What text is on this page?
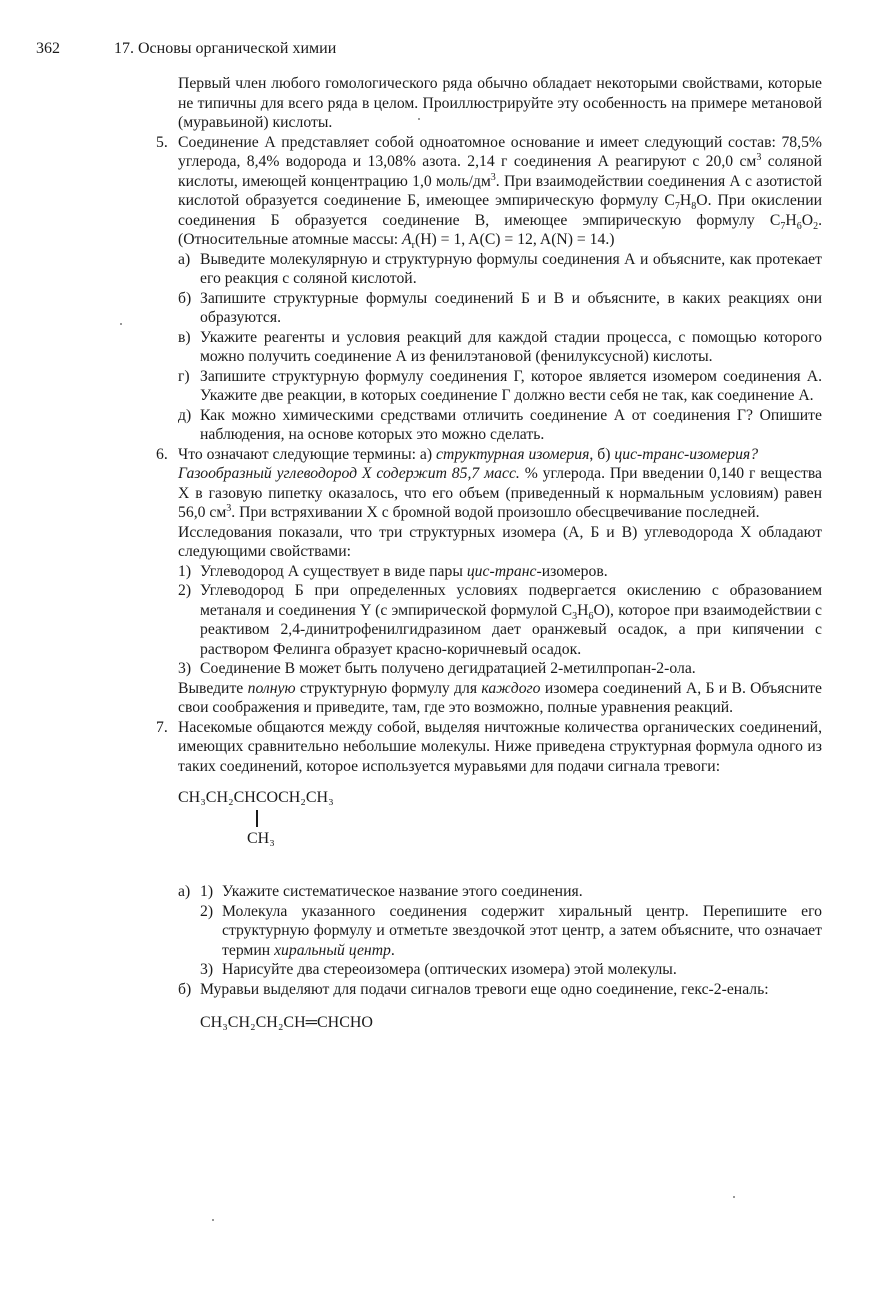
362	17. Основы органической химии

Первый член любого гомологического ряда обычно обладает некоторыми свойствами, которые не типичны для всего ряда в целом. Проиллюстрируйте эту особенность на примере метановой (муравьиной) кислоты.

5. Соединение А представляет собой одноатомное основание и имеет следующий состав: 78,5% углерода, 8,4% водорода и 13,08% азота. 2,14 г соединения А реагируют с 20,0 $см^3$ соляной кислоты, имеющей концентрацию 1,0 моль/$дм^3$. При взаимодействии соединения А с азотистой кислотой образуется соединение Б, имеющее эмпирическую формулу $C_7H_8O$. При окислении соединения Б образуется соединение В, имеющее эмпирическую формулу $C_7H_6O_2$. (Относительные атомные массы: $A_r(H) = 1$, A(C) = 12, A(N) = 14.)

а) Выведите молекулярную и структурную формулы соединения А и объясните, как протекает его реакция с соляной кислотой.

б) Запишите структурные формулы соединений Б и В и объясните, в каких реакциях они образуются.

в) Укажите реагенты и условия реакций для каждой стадии процесса, с помощью которого можно получить соединение А из фенилэтановой (фенилуксусной) кислоты.

г) Запишите структурную формулу соединения Г, которое является изомером соединения А. Укажите две реакции, в которых соединение Г должно вести себя не так, как соединение А.

д) Как можно химическими средствами отличить соединение А от соединения Г? Опишите наблюдения, на основе которых это можно сделать.

6. Что означают следующие термины: а) структурная изомерия, б) цис-транс-изомерия?

Газообразный углеводород X содержит 85,7 масс. % углерода. При введении 0,140 г вещества X в газовую пипетку оказалось, что его объем (приведенный к нормальным условиям) равен 56,0 $см^3$. При встряхивании X с бромной водой произошло обесцвечивание последней.

Исследования показали, что три структурных изомера (А, Б и В) углеводорода X обладают следующими свойствами:

1) Углеводород А существует в виде пары цис-транс-изомеров.

2) Углеводород Б при определенных условиях подвергается окислению с образованием метаналя и соединения Y (с эмпирической формулой $C_3H_6O$), которое при взаимодействии с реактивом 2,4-динитрофенилгидразином дает оранжевый осадок, а при кипячении с раствором Фелинга образует красно-коричневый осадок.

3) Соединение В может быть получено дегидратацией 2-метилпропан-2-ола.

Выведите полную структурную формулу для каждого изомера соединений А, Б и В. Объясните свои соображения и приведите, там, где это возможно, полные уравнения реакций.

7. Насекомые общаются между собой, выделяя ничтожные количества органических соединений, имеющих сравнительно небольшие молекулы. Ниже приведена структурная формула одного из таких соединений, которое используется муравьями для подачи сигнала тревоги:

CH₃CH₂CHCOCH₂CH₃
CH₃
а) 1) Укажите систематическое название этого соединения.

2) Молекула указанного соединения содержит хиральный центр. Перепишите его структурную формулу и отметьте звездочкой этот центр, а затем объясните, что означает термин хиральный центр.

3) Нарисуйте два стереоизомера (оптических изомера) этой молекулы.

б) Муравьи выделяют для подачи сигналов тревоги еще одно соединение, гекс-2-еналь:

CH₃CH₂CH₂CH═CHCHO
